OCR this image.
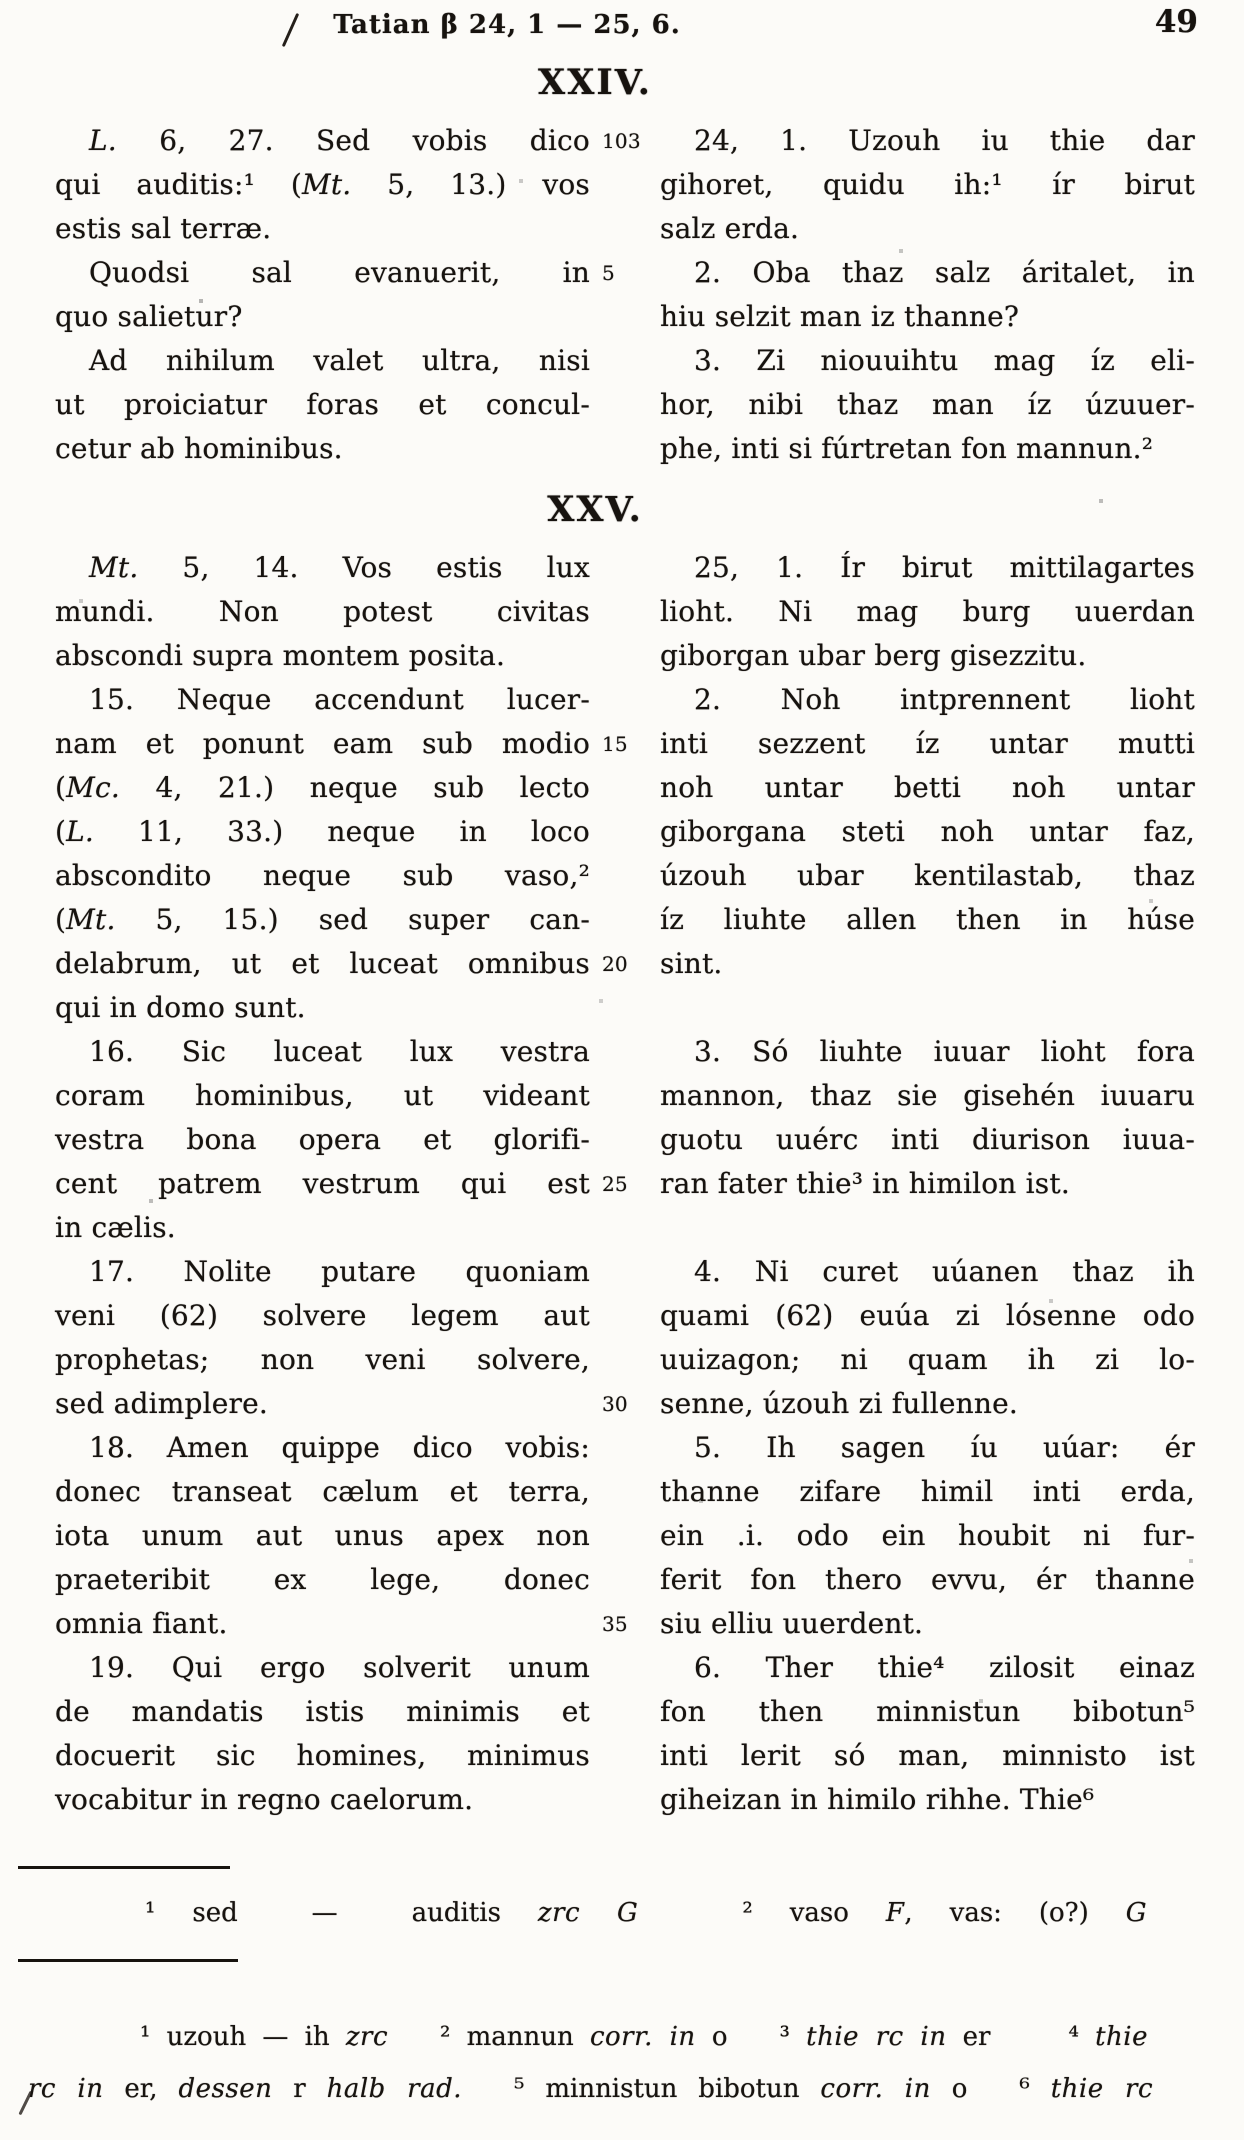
Tatian β 24, 1 — 25, 6.	49
XXIV.
L. 6, 27. Sed vobis dico 103
qui auditis:¹ (Mt. 5, 13.) vos
estis sal terræ.
24, 1. Uzouh iu thie dar
gihoret, quidu ih:¹ ír birut
salz erda.
Quodsi sal evanuerit, in 5
quo salietur?
2. Oba thaz salz áritalet, in
hiu selzit man iz thanne?
Ad nihilum valet ultra, nisi
ut proiciatur foras et concul-
cetur ab hominibus.
3. Zi niouuihtu mag íz eli-
hor, nibi thaz man íz úzuuer-
phe, inti si fúrtretan fon mannun.²
XXV.
Mt. 5, 14. Vos estis lux
mundi. Non potest civitas
abscondi supra montem posita.
25, 1. Ír birut mittilagartes
lioht. Ni mag burg uuerdan
giborgan ubar berg gisezzitu.
15. Neque accendunt lucer-
nam et ponunt eam sub modio 15
(Mc. 4, 21.) neque sub lecto
(L. 11, 33.) neque in loco
abscondito neque sub vaso,²
(Mt. 5, 15.) sed super can-
delabrum, ut et luceat omnibus 20
qui in domo sunt.
2. Noh intprennent lioht
inti sezzent íz untar mutti
noh untar betti noh untar
giborgana steti noh untar faz,
úzouh ubar kentilastab, thaz
íz liuhte allen then in húse
sint.
16. Sic luceat lux vestra
coram hominibus, ut videant
vestra bona opera et glorifi-
cent patrem vestrum qui est 25
in cælis.
3. Só liuhte iuuar lioht fora
mannon, thaz sie gisehén iuuaru
guotu uuérc inti diurison iuua-
ran fater thie³ in himilon ist.
17. Nolite putare quoniam
veni (62) solvere legem aut
prophetas; non veni solvere,
sed adimplere.	30
4. Ni curet uúanen thaz ih
quami (62) euúa zi lósenne odo
uuizagon; ni quam ih zi lo-
senne, úzouh zi fullenne.
18. Amen quippe dico vobis:
donec transeat cælum et terra,
iota unum aut unus apex non
praeteribit ex lege, donec
omnia fiant.	35
5. Ih sagen íu uúar: ér
thanne zifare himil inti erda,
ein .i. odo ein houbit ni fur-
ferit fon thero evvu, ér thanne
siu elliu uuerdent.
19. Qui ergo solverit unum
de mandatis istis minimis et
docuerit sic homines, minimus
vocabitur in regno caelorum.
6. Ther thie⁴ zilosit einaz
fon then minnistun bibotun⁵
inti lerit só man, minnisto ist
giheizan in himilo rihhe. Thie⁶
¹ sed  —  auditis zrc G    ² vaso F, vas: (o?) G
¹ uzouh — ih zrc  ² mannun corr. in o  ³ thie rc in er   ⁴ thie
rc in er, dessen r halb rad.  ⁵ minnistun bibotun corr. in o  ⁶ thie rc
